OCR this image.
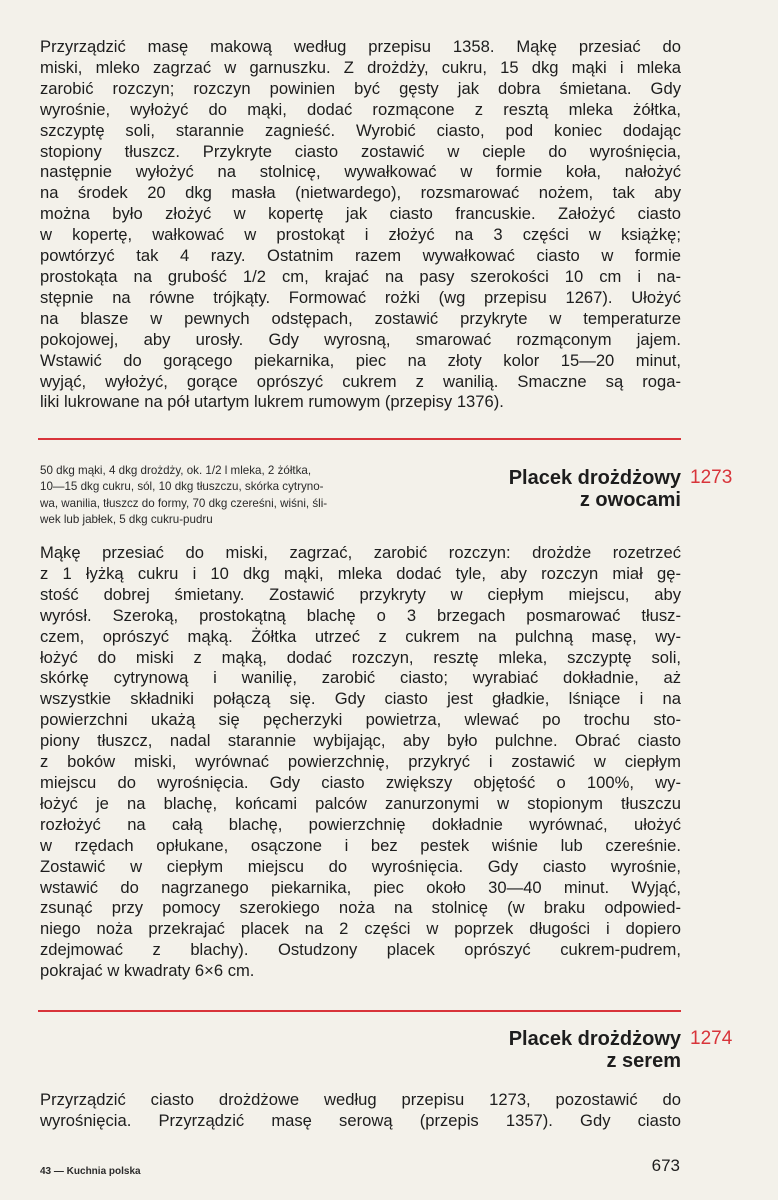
Przyrządzić masę makową według przepisu 1358. Mąkę przesiać do
miski, mleko zagrzać w garnuszku. Z drożdży, cukru, 15 dkg mąki i mleka
zarobić rozczyn; rozczyn powinien być gęsty jak dobra śmietana. Gdy
wyrośnie, wyłożyć do mąki, dodać rozmącone z resztą mleka żółtka,
szczyptę soli, starannie zagnieść. Wyrobić ciasto, pod koniec dodając
stopiony tłuszcz. Przykryte ciasto zostawić w cieple do wyrośnięcia,
następnie wyłożyć na stolnicę, wywałkować w formie koła, nałożyć
na środek 20 dkg masła (nietwardego), rozsmarować nożem, tak aby
można było złożyć w kopertę jak ciasto francuskie. Założyć ciasto
w kopertę, wałkować w prostokąt i złożyć na 3 części w książkę;
powtórzyć tak 4 razy. Ostatnim razem wywałkować ciasto w formie
prostokąta na grubość 1/2 cm, krajać na pasy szerokości 10 cm i na-
stępnie na równe trójkąty. Formować rożki (wg przepisu 1267). Ułożyć
na blasze w pewnych odstępach, zostawić przykryte w temperaturze
pokojowej, aby urosły. Gdy wyrosną, smarować rozmąconym jajem.
Wstawić do gorącego piekarnika, piec na złoty kolor 15—20 minut,
wyjąć, wyłożyć, gorące oprószyć cukrem z wanilią. Smaczne są roga-
liki lukrowane na pół utartym lukrem rumowym (przepisy 1376).
50 dkg mąki, 4 dkg drożdży, ok. 1/2 l mleka, 2 żółtka,
10—15 dkg cukru, sól, 10 dkg tłuszczu, skórka cytryno-
wa, wanilia, tłuszcz do formy, 70 dkg czereśni, wiśni, śli-
wek lub jabłek, 5 dkg cukru-pudru
Placek drożdżowy
z owocami
1273
Mąkę przesiać do miski, zagrzać, zarobić rozczyn: drożdże rozetrzeć
z 1 łyżką cukru i 10 dkg mąki, mleka dodać tyle, aby rozczyn miał gę-
stość dobrej śmietany. Zostawić przykryty w ciepłym miejscu, aby
wyrósł. Szeroką, prostokątną blachę o 3 brzegach posmarować tłusz-
czem, oprószyć mąką. Żółtka utrzeć z cukrem na pulchną masę, wy-
łożyć do miski z mąką, dodać rozczyn, resztę mleka, szczyptę soli,
skórkę cytrynową i wanilię, zarobić ciasto; wyrabiać dokładnie, aż
wszystkie składniki połączą się. Gdy ciasto jest gładkie, lśniące i na
powierzchni ukażą się pęcherzyki powietrza, wlewać po trochu sto-
piony tłuszcz, nadal starannie wybijając, aby było pulchne. Obrać ciasto
z boków miski, wyrównać powierzchnię, przykryć i zostawić w ciepłym
miejscu do wyrośnięcia. Gdy ciasto zwiększy objętość o 100%, wy-
łożyć je na blachę, końcami palców zanurzonymi w stopionym tłuszczu
rozłożyć na całą blachę, powierzchnię dokładnie wyrównać, ułożyć
w rzędach opłukane, osączone i bez pestek wiśnie lub czereśnie.
Zostawić w ciepłym miejscu do wyrośnięcia. Gdy ciasto wyrośnie,
wstawić do nagrzanego piekarnika, piec około 30—40 minut. Wyjąć,
zsunąć przy pomocy szerokiego noża na stolnicę (w braku odpowied-
niego noża przekrajać placek na 2 części w poprzek długości i dopiero
zdejmować z blachy). Ostudzony placek oprószyć cukrem-pudrem,
pokrajać w kwadraty 6×6 cm.
Placek drożdżowy
z serem
1274
Przyrządzić ciasto drożdżowe według przepisu 1273, pozostawić do
wyrośnięcia. Przyrządzić masę serową (przepis 1357). Gdy ciasto
43 — Kuchnia polska	673
